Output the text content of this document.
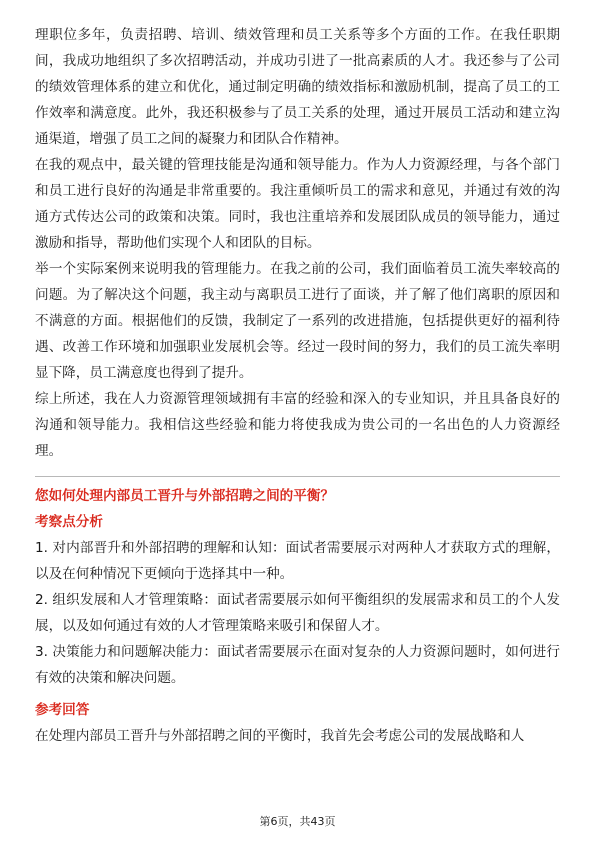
理职位多年，负责招聘、培训、绩效管理和员工关系等多个方面的工作。在我任职期间，我成功地组织了多次招聘活动，并成功引进了一批高素质的人才。我还参与了公司的绩效管理体系的建立和优化，通过制定明确的绩效指标和激励机制，提高了员工的工作效率和满意度。此外，我还积极参与了员工关系的处理，通过开展员工活动和建立沟通渠道，增强了员工之间的凝聚力和团队合作精神。

在我的观点中，最关键的管理技能是沟通和领导能力。作为人力资源经理，与各个部门和员工进行良好的沟通是非常重要的。我注重倾听员工的需求和意见，并通过有效的沟通方式传达公司的政策和决策。同时，我也注重培养和发展团队成员的领导能力，通过激励和指导，帮助他们实现个人和团队的目标。

举一个实际案例来说明我的管理能力。在我之前的公司，我们面临着员工流失率较高的问题。为了解决这个问题，我主动与离职员工进行了面谈，并了解了他们离职的原因和不满意的方面。根据他们的反馈，我制定了一系列的改进措施，包括提供更好的福利待遇、改善工作环境和加强职业发展机会等。经过一段时间的努力，我们的员工流失率明显下降，员工满意度也得到了提升。

综上所述，我在人力资源管理领域拥有丰富的经验和深入的专业知识，并且具备良好的沟通和领导能力。我相信这些经验和能力将使我成为贵公司的一名出色的人力资源经理。

您如何处理内部员工晋升与外部招聘之间的平衡？

考察点分析

1. 对内部晋升和外部招聘的理解和认知：面试者需要展示对两种人才获取方式的理解，以及在何种情况下更倾向于选择其中一种。

2. 组织发展和人才管理策略：面试者需要展示如何平衡组织的发展需求和员工的个人发展，以及如何通过有效的人才管理策略来吸引和保留人才。

3. 决策能力和问题解决能力：面试者需要展示在面对复杂的人力资源问题时，如何进行有效的决策和解决问题。

参考回答

在处理内部员工晋升与外部招聘之间的平衡时，我首先会考虑公司的发展战略和人

第6页，共43页
